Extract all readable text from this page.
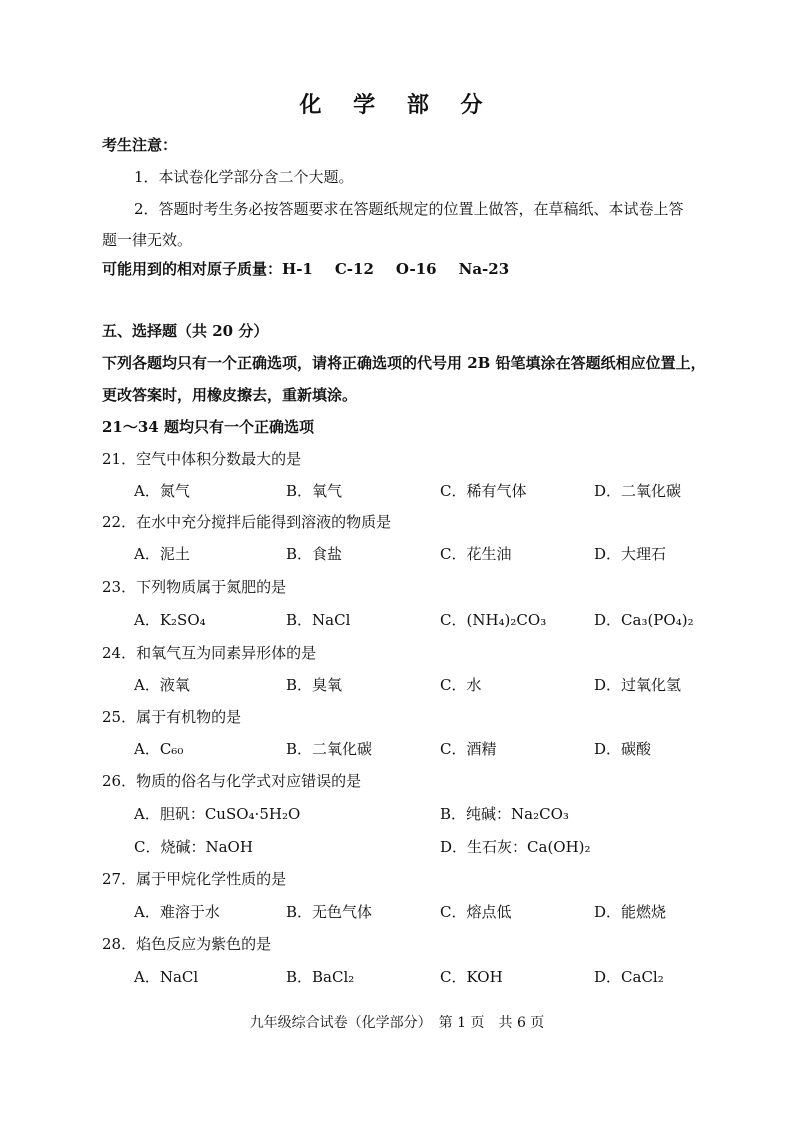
化 学 部 分
考生注意：
1．本试卷化学部分含二个大题。
2．答题时考生务必按答题要求在答题纸规定的位置上做答，在草稿纸、本试卷上答
题一律无效。
可能用到的相对原子质量：H-1 C-12 O-16 Na-23
五、选择题（共 20 分）
下列各题均只有一个正确选项，请将正确选项的代号用 2B 铅笔填涂在答题纸相应位置上，
更改答案时，用橡皮擦去，重新填涂。
21～34 题均只有一个正确选项
21．空气中体积分数最大的是
A．氮气	B．氧气	C．稀有气体	D．二氧化碳
22．在水中充分搅拌后能得到溶液的物质是
A．泥土	B．食盐	C．花生油	D．大理石
23．下列物质属于氮肥的是
A．K₂SO₄	B．NaCl	C．(NH₄)₂CO₃	D．Ca₃(PO₄)₂
24．和氧气互为同素异形体的是
A．液氧	B．臭氧	C．水	D．过氧化氢
25．属于有机物的是
A．C₆₀	B．二氧化碳	C．酒精	D．碳酸
26．物质的俗名与化学式对应错误的是
A．胆矾：CuSO₄·5H₂O	B．纯碱：Na₂CO₃
C．烧碱：NaOH	D．生石灰：Ca(OH)₂
27．属于甲烷化学性质的是
A．难溶于水	B．无色气体	C．熔点低	D．能燃烧
28．焰色反应为紫色的是
A．NaCl	B．BaCl₂	C．KOH	D．CaCl₂
九年级综合试卷（化学部分）　第 1 页　共 6 页
